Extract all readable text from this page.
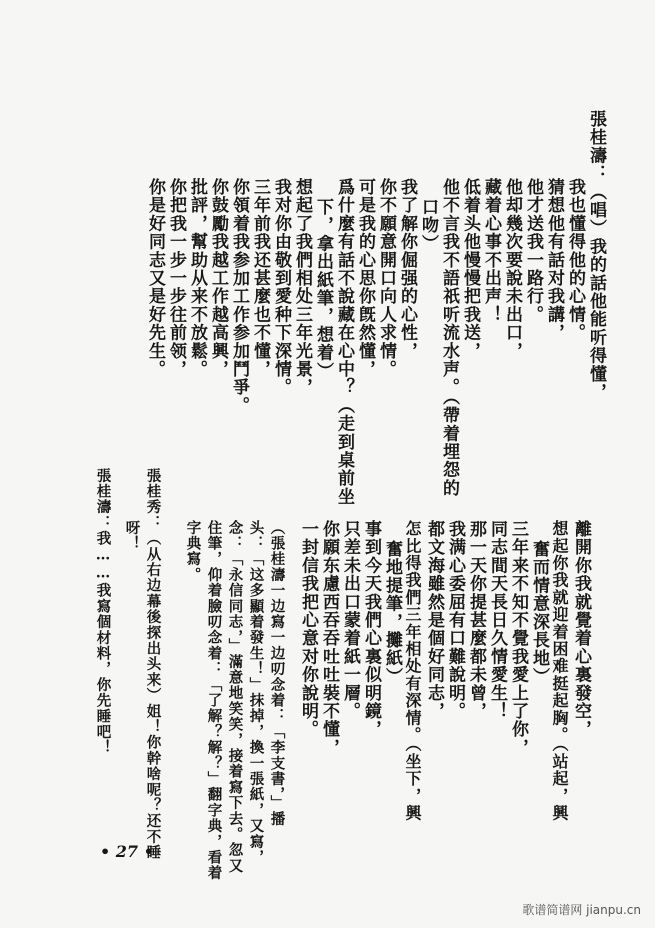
張桂濤：（唱）我的話他能听得懂，
我也懂得他的心情。
猜想他有話对我講，
他才送我一路行。
他却幾次要說未出口，
藏着心事不出声！
低着头他慢慢把我送，
他不言我不語祇听流水声。（帶着埋怨的
口吻）
我了解你倔强的心性，
你不願意開口向人求情。
可是我的心思你旣然懂，
爲什麼有話不說藏在心中？（走到桌前坐
下，拿出紙筆，想着）
想起了我們相处三年光景，
我对你由敬到愛种下深情。
三年前我还甚麼也不懂，
你領着我参加工作参加鬥爭。
你鼓勵我越工作越高興，
批評，幫助从来不放鬆。
你把我一步一步往前领，
你是好同志又是好先生。
離開你我就覺着心裏發空，
想起你我就迎着困难挺起胸。（站起，興
奮而情意深長地）
三年来不知不覺我愛上了你，
同志間天長日久情愛生！
那一天你提甚麼都未曾，
我满心委屈有口難說明。
都文海雖然是個好同志，
怎比得我們三年相处有深情。（坐下，興
奮地提筆，攤紙）
事到今天我們心裏似明鏡，
只差未出口蒙着紙一層。
你願东慮西吞吞吐吐裝不懂，
一封信我把心意对你說明。
（張桂濤一边寫一边叨念着：「李支書，」播
头：「这多顯着發生！」抹掉，換一張紙，又寫，
念：「永信同志，」滿意地笑笑，接着寫下去。忽又
住筆，仰着臉叨念着：「了解？解？」翻字典，看着
字典寫。
張桂秀：（从右边幕後探出头来）姐！你幹啥呢？还不睡
呀！
張桂濤：我……我寫個材料，你先睡吧！
• 27 •
歌谱简谱网 jianpu.cn
